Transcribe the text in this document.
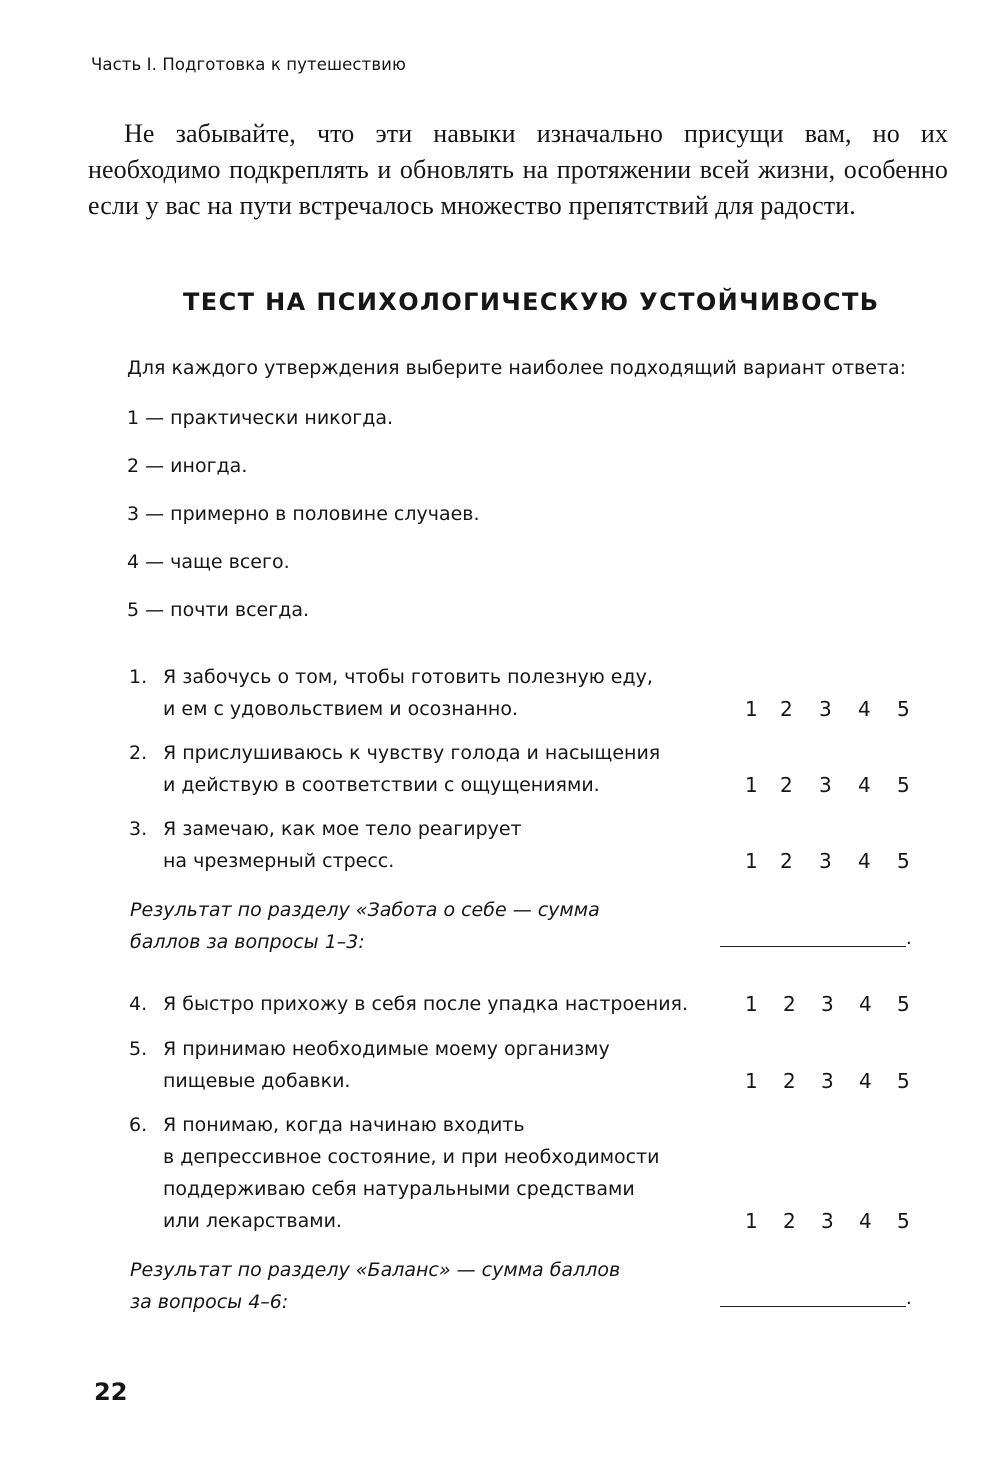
Часть I. Подготовка к путешествию
Не забывайте, что эти навыки изначально присущи вам, но их необходимо подкреплять и обновлять на протяжении всей жизни, особенно если у вас на пути встречалось множество препятствий для радости.
ТЕСТ НА ПСИХОЛОГИЧЕСКУЮ УСТОЙЧИВОСТЬ
Для каждого утверждения выберите наиболее подходящий вариант ответа:
1 — практически никогда.
2 — иногда.
3 — примерно в половине случаев.
4 — чаще всего.
5 — почти всегда.
1. Я забочусь о том, чтобы готовить полезную еду,
и ем с удовольствием и осознанно.	1 2 3 4 5
2. Я прислушиваюсь к чувству голода и насыщения
и действую в соответствии с ощущениями.	1 2 3 4 5
3. Я замечаю, как мое тело реагирует
на чрезмерный стресс.	1 2 3 4 5
Результат по разделу «Забота о себе — сумма
баллов за вопросы 1–3:	.
4. Я быстро прихожу в себя после упадка настроения.	1 2 3 4 5
5. Я принимаю необходимые моему организму
пищевые добавки.	1 2 3 4 5
6. Я понимаю, когда начинаю входить
в депрессивное состояние, и при необходимости
поддерживаю себя натуральными средствами
или лекарствами.	1 2 3 4 5
Результат по разделу «Баланс» — сумма баллов
за вопросы 4–6:	.
22
